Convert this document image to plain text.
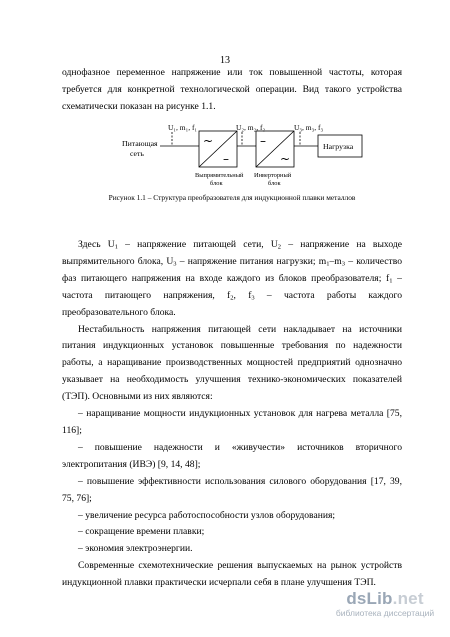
13

однофазное переменное напряжение или ток повышенной частоты, которая требуется для конкретной технологической операции. Вид такого устройства схематически показан на рисунке 1.1.

~
–
–
~
U₁, m₁, f₁	U₂, m₂, f₂	U₃, m₃, f₃
Питающая
сеть
Нагрузка
Выпрямительный
блок
Инверторный
блок
Рисунок 1.1 – Структура преобразователя для индукционной плавки металлов

Здесь $U_1$ – напряжение питающей сети, $U_2$ – напряжение на выходе выпрямительного блока, $U_3$ – напряжение питания нагрузки; $m_1-m_3$ – количество фаз питающего напряжения на входе каждого из блоков преобразователя; $f_1$ – частота питающего напряжения, $f_2$, $f_3$ – частота работы каждого преобразовательного блока.

Нестабильность напряжения питающей сети накладывает на источники питания индукционных установок повышенные требования по надежности работы, а наращивание производственных мощностей предприятий однозначно указывает на необходимость улучшения технико-экономических показателей (ТЭП). Основными из них являются:

– наращивание мощности индукционных установок для нагрева металла [75, 116];

– повышение надежности и «живучести» источников вторичного электропитания (ИВЭ) [9, 14, 48];

– повышение эффективности использования силового оборудования [17, 39, 75, 76];

– увеличение ресурса работоспособности узлов оборудования;

– сокращение времени плавки;

– экономия электроэнергии.

Современные схемотехнические решения выпускаемых на рынок устройств индукционной плавки практически исчерпали себя в плане улучшения ТЭП.

dsLib.net
библиотека диссертаций
